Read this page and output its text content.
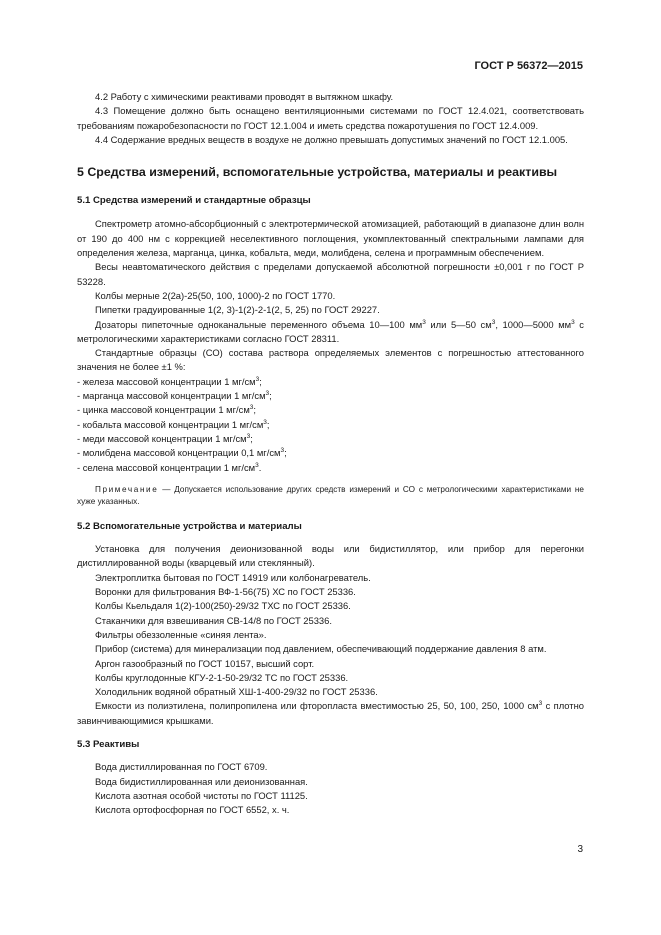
ГОСТ Р 56372—2015

4.2 Работу с химическими реактивами проводят в вытяжном шкафу.

4.3 Помещение должно быть оснащено вентиляционными системами по ГОСТ 12.4.021, соответствовать требованиям пожаробезопасности по ГОСТ 12.1.004 и иметь средства пожаротушения по ГОСТ 12.4.009.

4.4 Содержание вредных веществ в воздухе не должно превышать допустимых значений по ГОСТ 12.1.005.

5 Средства измерений, вспомогательные устройства, материалы и реактивы

5.1 Средства измерений и стандартные образцы

Спектрометр атомно-абсорбционный с электротермической атомизацией, работающий в диапазоне длин волн от 190 до 400 нм с коррекцией неселективного поглощения, укомплектованный спектральными лампами для определения железа, марганца, цинка, кобальта, меди, молибдена, селена и программным обеспечением.

Весы неавтоматического действия с пределами допускаемой абсолютной погрешности ±0,001 г по ГОСТ Р 53228.

Колбы мерные 2(2а)-25(50, 100, 1000)-2 по ГОСТ 1770.

Пипетки градуированные 1(2, 3)-1(2)-2-1(2, 5, 25) по ГОСТ 29227.

Дозаторы пипеточные одноканальные переменного объема 10—100 $мм^3$ или 5—50 $см^3$, 1000—5000 $мм^3$ с метрологическими характеристиками согласно ГОСТ 28311.

Стандартные образцы (СО) состава раствора определяемых элементов с погрешностью аттестованного значения не более ±1 %:

- железа массовой концентрации 1 $мг/см^3$;

- марганца массовой концентрации 1 $мг/см^3$;

- цинка массовой концентрации 1 $мг/см^3$;

- кобальта массовой концентрации 1 $мг/см^3$;

- меди массовой концентрации 1 $мг/см^3$;

- молибдена массовой концентрации 0,1 $мг/см^3$;

- селена массовой концентрации 1 $мг/см^3$.

Примечание — Допускается использование других средств измерений и СО с метрологическими характеристиками не хуже указанных.

5.2 Вспомогательные устройства и материалы

Установка для получения деионизованной воды или бидистиллятор, или прибор для перегонки дистиллированной воды (кварцевый или стеклянный).

Электроплитка бытовая по ГОСТ 14919 или колбонагреватель.

Воронки для фильтрования ВФ-1-56(75) ХС по ГОСТ 25336.

Колбы Кьельдаля 1(2)-100(250)-29/32 ТХС по ГОСТ 25336.

Стаканчики для взвешивания СВ-14/8 по ГОСТ 25336.

Фильтры обеззоленные «синяя лента».

Прибор (система) для минерализации под давлением, обеспечивающий поддержание давления 8 атм.

Аргон газообразный по ГОСТ 10157, высший сорт.

Колбы круглодонные КГУ-2-1-50-29/32 ТС по ГОСТ 25336.

Холодильник водяной обратный ХШ-1-400-29/32 по ГОСТ 25336.

Емкости из полиэтилена, полипропилена или фторопласта вместимостью 25, 50, 100, 250, 1000 $см^3$ с плотно завинчивающимися крышками.

5.3 Реактивы

Вода дистиллированная по ГОСТ 6709.

Вода бидистиллированная или деионизованная.

Кислота азотная особой чистоты по ГОСТ 11125.

Кислота ортофосфорная по ГОСТ 6552, х. ч.

3
